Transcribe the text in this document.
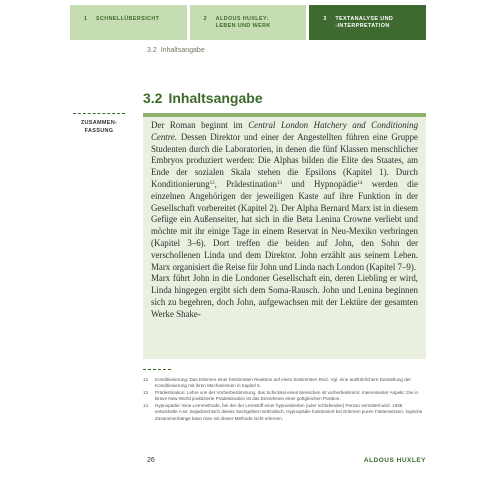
1 SCHNELLÜBERSICHT	2 ALDOUS HUXLEY:
LEBEN UND WERK
3 TEXTANALYSE UND
-INTERPRETATION
3.2 Inhaltsangabe
3.2 Inhaltsangabe
ZUSAMMEN-
FASSUNG

Der Roman beginnt im Central London Hatchery and Conditioning Centre. Dessen Direktor und einer der Angestellten führen eine Gruppe Studenten durch die Laboratorien, in denen die fünf Klassen menschlicher Embryos produziert werden: Die Alphas bilden die Elite des Staates, am Ende der sozialen Skala stehen die Epsilons (Kapitel 1). Durch Konditionierung$^{12}$, Prädestination$^{13}$ und Hypnopädie$^{14}$ werden die einzelnen Angehörigen der jeweiligen Kaste auf ihre Funktion in der Gesellschaft vorbereitet (Kapitel 2). Der Alpha Bernard Marx ist in diesem Gefüge ein Außenseiter, hat sich in die Beta Lenina Crowne verliebt und möchte mit ihr einige Tage in einem Reservat in Neu-Mexiko verbringen (Kapitel 3–6). Dort treffen die beiden auf John, den Sohn der verschollenen Linda und dem Direktor. John erzählt aus seinem Leben. Marx organisiert die Reise für John und Linda nach London (Kapitel 7–9).

Marx führt John in die Londoner Gesellschaft ein, deren Liebling er wird, Linda hingegen ergibt sich dem Soma-Rausch. John und Lenina beginnen sich zu begehren, doch John, aufgewachsen mit der Lektüre der gesamten Werke Shake-

12	Konditionierung: Das Erlernen einer bestimmten Reaktion auf einen bestimmten Reiz. Vgl. eine ausführlichere Darstellung der Konditionierung mit ihren Mechanismen in Kapitel 5.
13	Prädestination: Lehre von der Vorherbestimmung, das Schicksal eines Menschen ist vorherbestimmt. Interessanter Aspekt: Die in Brave New World praktizierte Prädestination ist das Einnehmen einer gottgleichen Position.
14	Hypnopädie: Eine Lernmethode, bei der der Lernstoff einer hypnotisierten (oder schlafenden) Person vermittelt wird. 1936 entwickelte A.M. Swjadoschtsch dieses Sachgebiet methodisch. Hypnopädie funktioniert bei Erlernen puren Faktenwissen, logische Zusammenhänge kann man mit dieser Methode nicht erlernen.
26	ALDOUS HUXLEY
